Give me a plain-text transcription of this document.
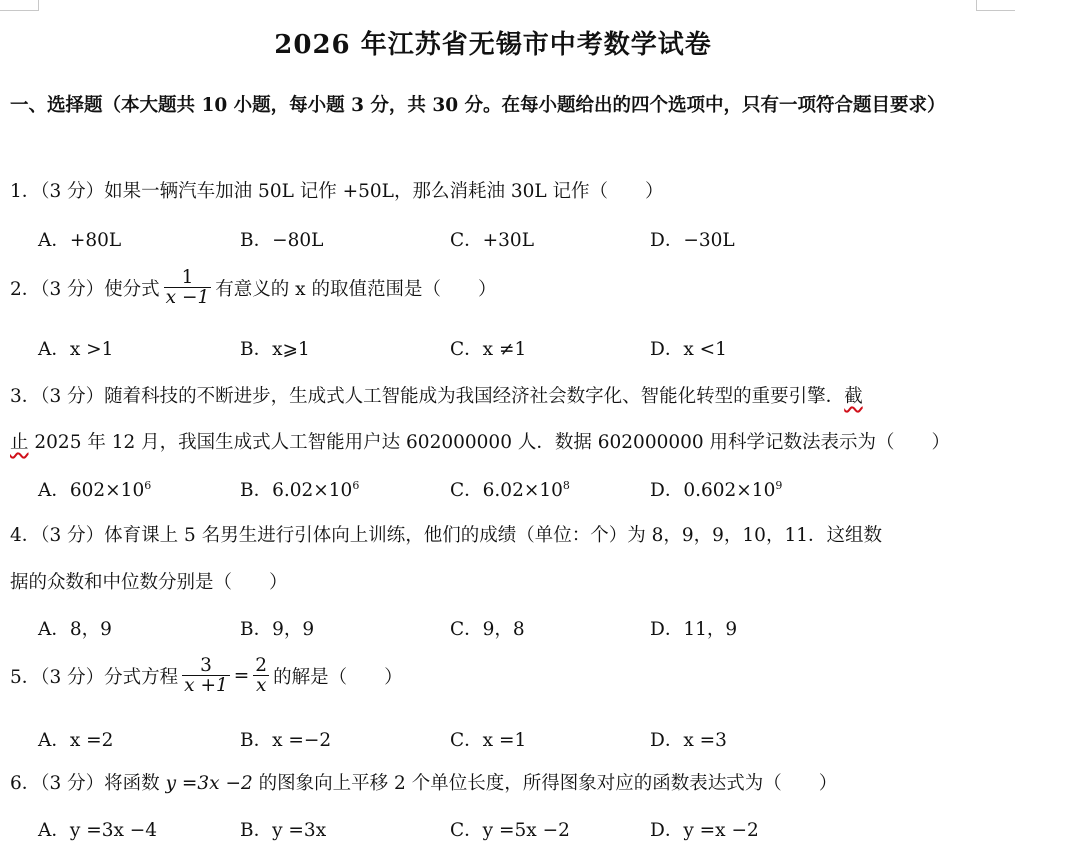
2026 年江苏省无锡市中考数学试卷
一、选择题（本大题共 10 小题，每小题 3 分，共 30 分。在每小题给出的四个选项中，只有一项符合题目要求）
1．（3 分）如果一辆汽车加油 50L 记作 +50L，那么消耗油 30L 记作（　　）
A．+80L	B．−80L	C．+30L	D．−30L
2．（3 分）使分式 $\frac{1}{x -1}$ 有意义的 x 的取值范围是（　　）
A．x >1	B．x⩾1	C．x ≠1	D．x <1
3．（3 分）随着科技的不断进步，生成式人工智能成为我国经济社会数字化、智能化转型的重要引擎．截
止 2025 年 12 月，我国生成式人工智能用户达 602000000 人．数据 602000000 用科学记数法表示为（　　）
A．$602\times 10^6$	B．$6.02\times 10^6$	C．$6.02\times 10^8$	D．$0.602\times 10^9$
4．（3 分）体育课上 5 名男生进行引体向上训练，他们的成绩（单位：个）为 8，9，9，10，11．这组数
据的众数和中位数分别是（　　）
A．8，9	B．9，9	C．9，8	D．11，9
5．（3 分）分式方程 $\frac{3}{x +1} = \frac{2}{x}$ 的解是（　　）
A．x =2	B．x =−2	C．x =1	D．x =3
6．（3 分）将函数 y =3x −2 的图象向上平移 2 个单位长度，所得图象对应的函数表达式为（　　）
A．y =3x −4	B．y =3x	C．y =5x −2	D．y =x −2
